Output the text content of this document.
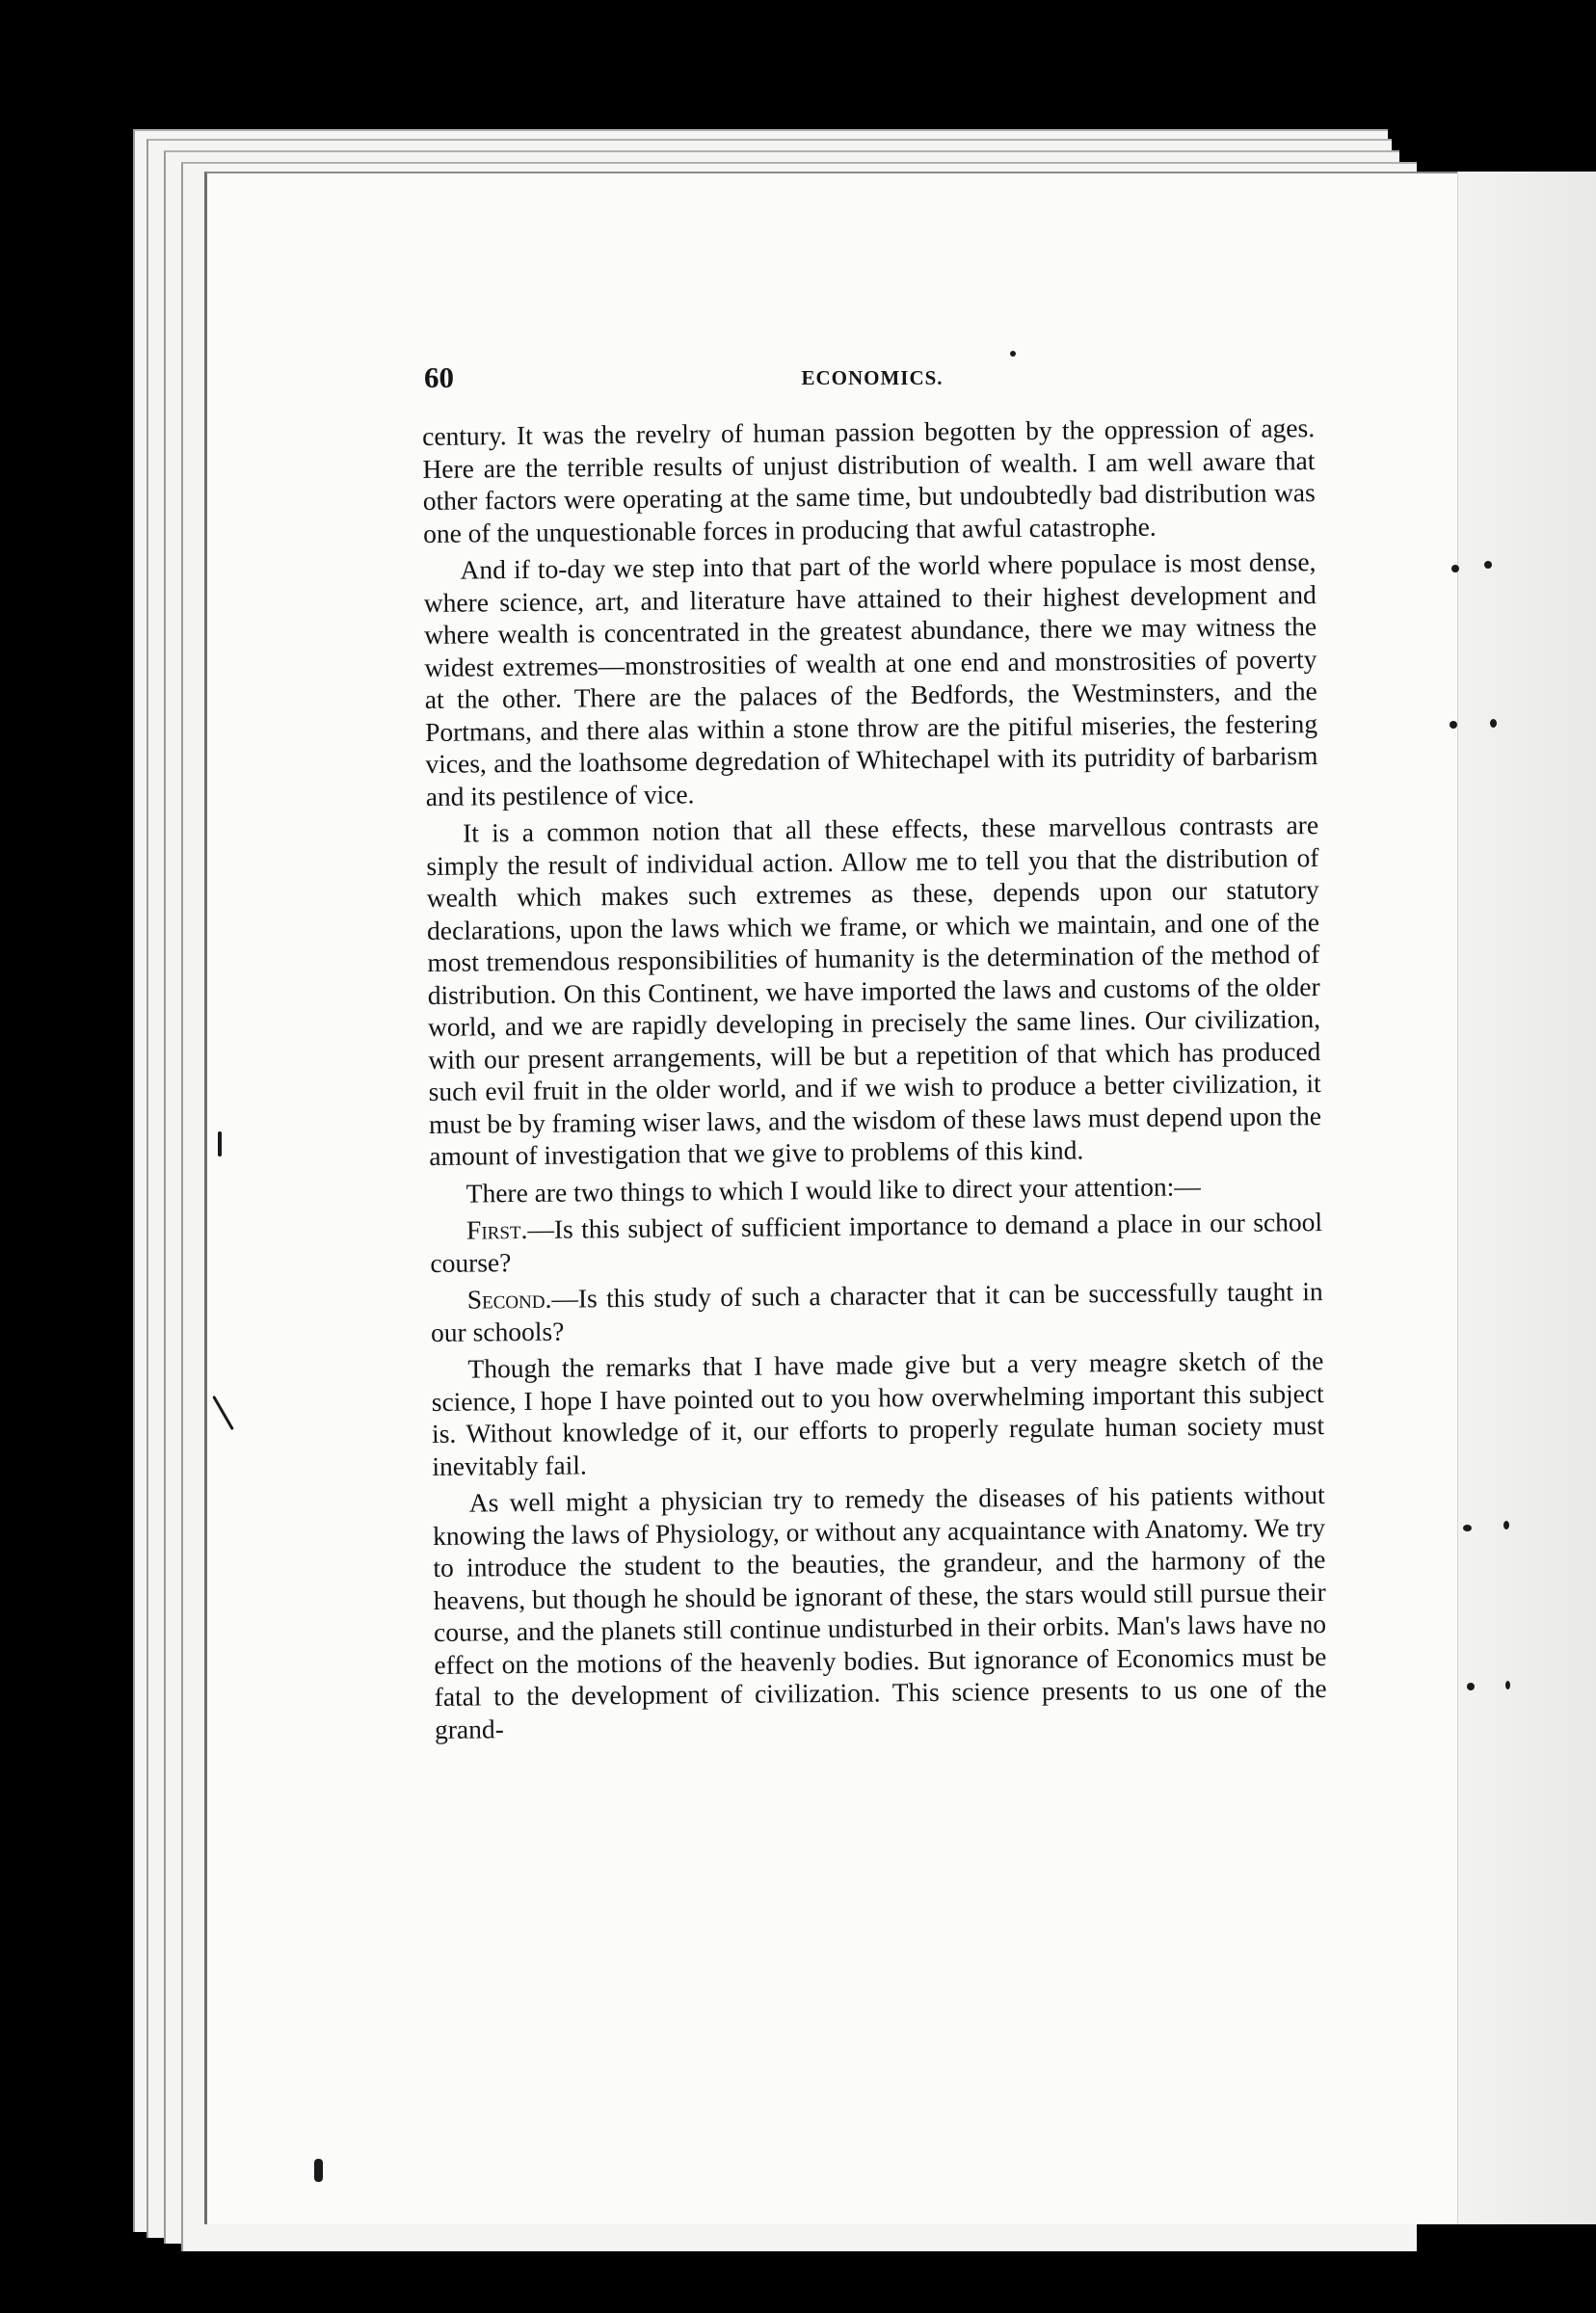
60	ECONOMICS.

century. It was the revelry of human passion begotten by the oppression of ages. Here are the terrible results of unjust distribution of wealth. I am well aware that other factors were operating at the same time, but undoubtedly bad distribution was one of the unquestionable forces in producing that awful catastrophe.

And if to-day we step into that part of the world where populace is most dense, where science, art, and literature have attained to their highest development and where wealth is concentrated in the greatest abundance, there we may witness the widest extremes—monstrosities of wealth at one end and monstrosities of poverty at the other. There are the palaces of the Bedfords, the Westminsters, and the Portmans, and there alas within a stone throw are the pitiful miseries, the festering vices, and the loathsome degredation of Whitechapel with its putridity of barbarism and its pestilence of vice.

It is a common notion that all these effects, these marvellous contrasts are simply the result of individual action. Allow me to tell you that the distribution of wealth which makes such extremes as these, depends upon our statutory declarations, upon the laws which we frame, or which we maintain, and one of the most tremendous responsibilities of humanity is the determination of the method of distribution. On this Continent, we have imported the laws and customs of the older world, and we are rapidly developing in precisely the same lines. Our civilization, with our present arrangements, will be but a repetition of that which has produced such evil fruit in the older world, and if we wish to produce a better civilization, it must be by framing wiser laws, and the wisdom of these laws must depend upon the amount of investigation that we give to problems of this kind.

There are two things to which I would like to direct your attention:—

First.—Is this subject of sufficient importance to demand a place in our school course?

Second.—Is this study of such a character that it can be successfully taught in our schools?

Though the remarks that I have made give but a very meagre sketch of the science, I hope I have pointed out to you how overwhelming important this subject is. Without knowledge of it, our efforts to properly regulate human society must inevitably fail.

As well might a physician try to remedy the diseases of his patients without knowing the laws of Physiology, or without any acquaintance with Anatomy. We try to introduce the student to the beauties, the grandeur, and the harmony of the heavens, but though he should be ignorant of these, the stars would still pursue their course, and the planets still continue undisturbed in their orbits. Man's laws have no effect on the motions of the heavenly bodies. But ignorance of Economics must be fatal to the development of civilization. This science presents to us one of the grand-
